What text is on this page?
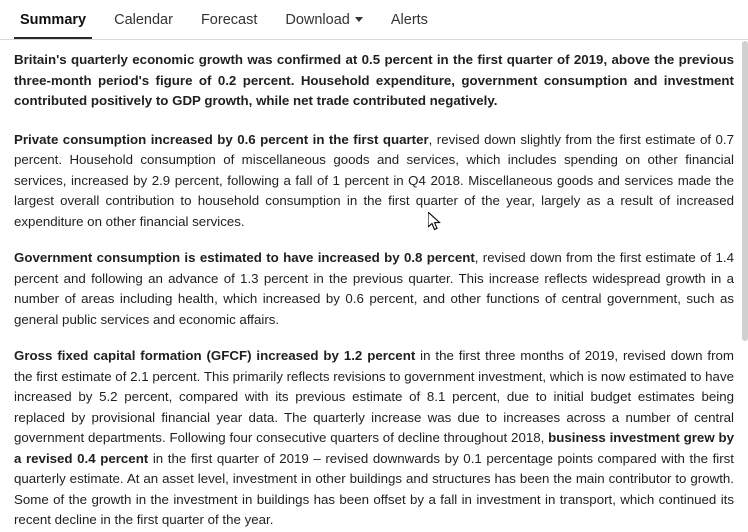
Summary	Calendar	Forecast	Download	Alerts

Britain's quarterly economic growth was confirmed at 0.5 percent in the first quarter of 2019, above the previous three-month period's figure of 0.2 percent. Household expenditure, government consumption and investment contributed positively to GDP growth, while net trade contributed negatively.

Private consumption increased by 0.6 percent in the first quarter, revised down slightly from the first estimate of 0.7 percent. Household consumption of miscellaneous goods and services, which includes spending on other financial services, increased by 2.9 percent, following a fall of 1 percent in Q4 2018. Miscellaneous goods and services made the largest overall contribution to household consumption in the first quarter of the year, largely as a result of increased expenditure on other financial services.

Government consumption is estimated to have increased by 0.8 percent, revised down from the first estimate of 1.4 percent and following an advance of 1.3 percent in the previous quarter. This increase reflects widespread growth in a number of areas including health, which increased by 0.6 percent, and other functions of central government, such as general public services and economic affairs.

Gross fixed capital formation (GFCF) increased by 1.2 percent in the first three months of 2019, revised down from the first estimate of 2.1 percent. This primarily reflects revisions to government investment, which is now estimated to have increased by 5.2 percent, compared with its previous estimate of 8.1 percent, due to initial budget estimates being replaced by provisional financial year data. The quarterly increase was due to increases across a number of central government departments. Following four consecutive quarters of decline throughout 2018, business investment grew by a revised 0.4 percent in the first quarter of 2019 – revised downwards by 0.1 percentage points compared with the first quarterly estimate. At an asset level, investment in other buildings and structures has been the main contributor to growth. Some of the growth in the investment in buildings has been offset by a fall in investment in transport, which continued its recent decline in the first quarter of the year.
